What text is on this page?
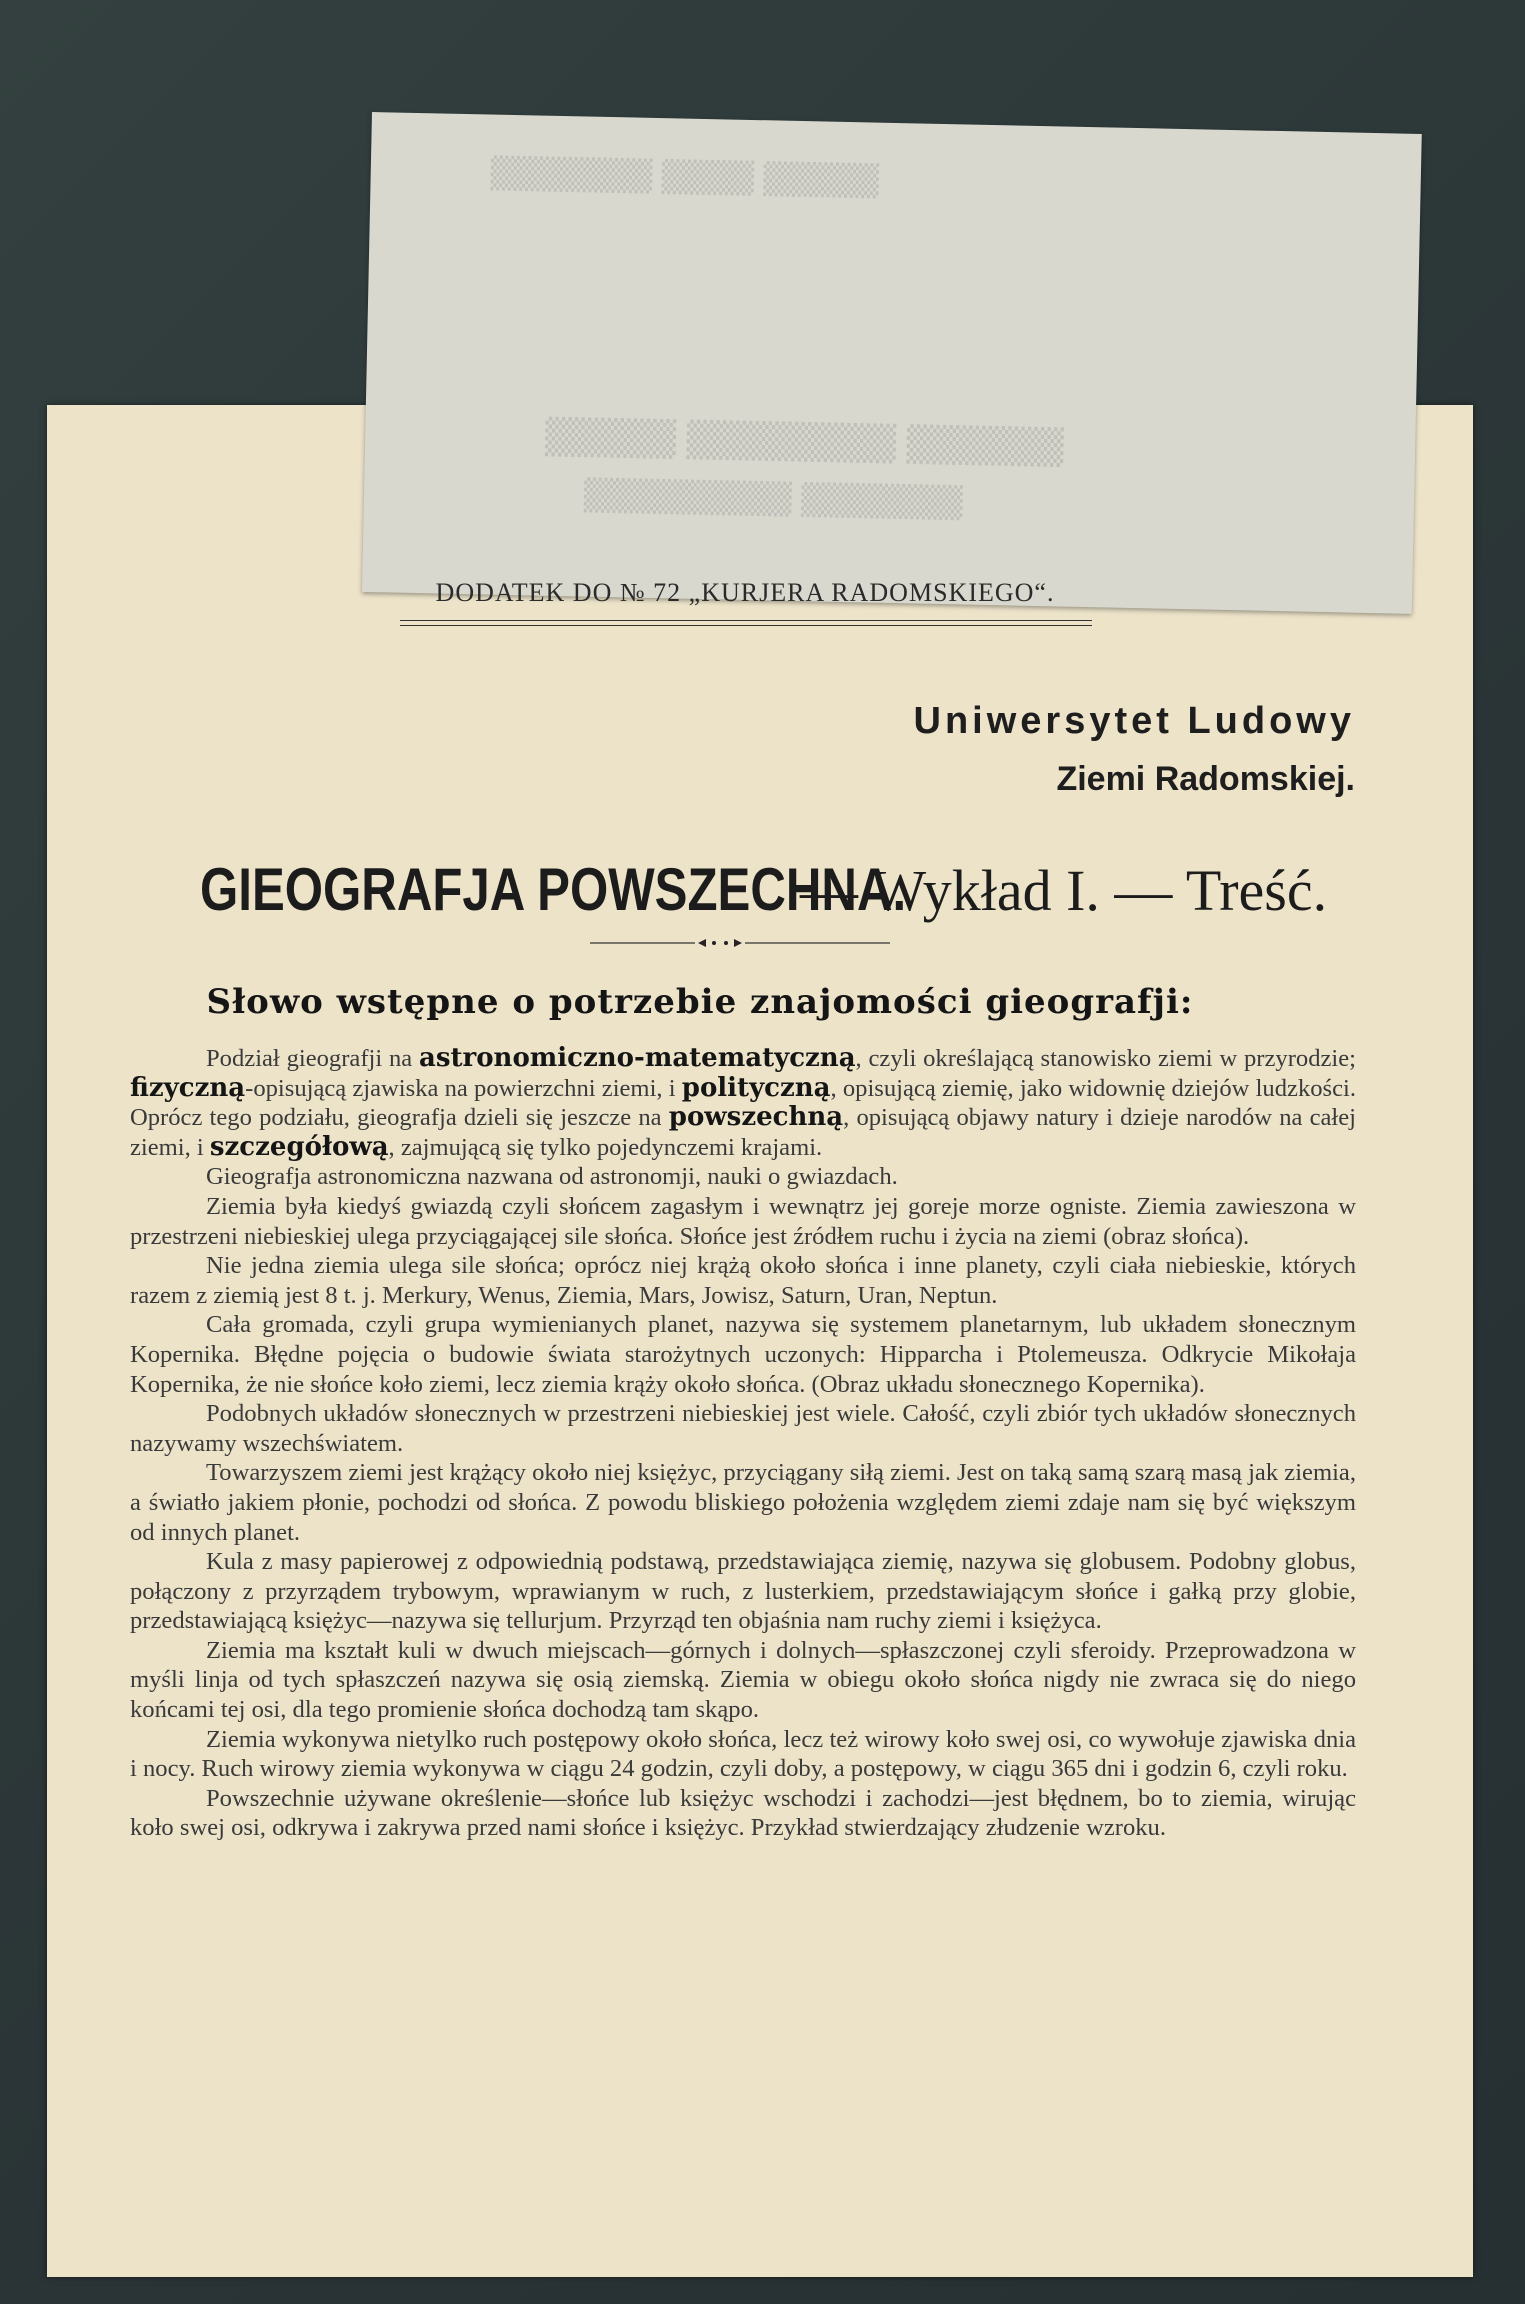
▒▒▒▒▒▒▒ ▒▒▒▒ ▒▒▒▒▒
▒▒▒▒▒ ▒▒▒▒▒▒▒▒ ▒▒▒▒▒▒
▒▒▒▒▒▒▒▒▒ ▒▒▒▒▒▒▒
DODATEK DO № 72 „KURJERA RADOMSKIEGO“.
Uniwersytet Ludowy
Ziemi Radomskiej.
GIEOGRAFJA POWSZECHNA.
— Wykład I. — Treść.
Słowo wstępne o potrzebie znajomości gieografji:

Podział gieografji na astronomiczno-matematyczną, czyli określającą stanowisko ziemi w przyrodzie; fizyczną-opisującą zjawiska na powierzchni ziemi, i polityczną, opisującą ziemię, jako widownię dziejów ludzkości. Oprócz tego podziału, gieografja dzieli się jeszcze na powszechną, opisującą objawy natury i dzieje narodów na całej ziemi, i szczegółową, zajmującą się tylko pojedynczemi krajami.

Gieografja astronomiczna nazwana od astronomji, nauki o gwiazdach.

Ziemia była kiedyś gwiazdą czyli słońcem zagasłym i wewnątrz jej goreje morze ogniste. Ziemia zawieszona w przestrzeni niebieskiej ulega przyciągającej sile słońca. Słońce jest źródłem ruchu i życia na ziemi (obraz słońca).

Nie jedna ziemia ulega sile słońca; oprócz niej krążą około słońca i inne planety, czyli ciała niebieskie, których razem z ziemią jest 8 t. j. Merkury, Wenus, Ziemia, Mars, Jowisz, Saturn, Uran, Neptun.

Cała gromada, czyli grupa wymienianych planet, nazywa się systemem planetarnym, lub układem słonecznym Kopernika. Błędne pojęcia o budowie świata starożytnych uczonych: Hipparcha i Ptolemeusza. Odkrycie Mikołaja Kopernika, że nie słońce koło ziemi, lecz ziemia krąży około słońca. (Obraz układu słonecznego Kopernika).

Podobnych układów słonecznych w przestrzeni niebieskiej jest wiele. Całość, czyli zbiór tych układów słonecznych nazywamy wszechświatem.

Towarzyszem ziemi jest krążący około niej księżyc, przyciągany siłą ziemi. Jest on taką samą szarą masą jak ziemia, a światło jakiem płonie, pochodzi od słońca. Z powodu bliskiego położenia względem ziemi zdaje nam się być większym od innych planet.

Kula z masy papierowej z odpowiednią podstawą, przedstawiająca ziemię, nazywa się globusem. Podobny globus, połączony z przyrządem trybowym, wprawianym w ruch, z lusterkiem, przedstawiającym słońce i gałką przy globie, przedstawiającą księżyc—nazywa się tellurjum. Przyrząd ten objaśnia nam ruchy ziemi i księżyca.

Ziemia ma kształt kuli w dwuch miejscach—górnych i dolnych—spłaszczonej czyli sferoidy. Przeprowadzona w myśli linja od tych spłaszczeń nazywa się osią ziemską. Ziemia w obiegu około słońca nigdy nie zwraca się do niego końcami tej osi, dla tego promienie słońca dochodzą tam skąpo.

Ziemia wykonywa nietylko ruch postępowy około słońca, lecz też wirowy koło swej osi, co wywołuje zjawiska dnia i nocy. Ruch wirowy ziemia wykonywa w ciągu 24 godzin, czyli doby, a postępowy, w ciągu 365 dni i godzin 6, czyli roku.

Powszechnie używane określenie—słońce lub księżyc wschodzi i zachodzi—jest błędnem, bo to ziemia, wirując koło swej osi, odkrywa i zakrywa przed nami słońce i księżyc. Przykład stwierdzający złudzenie wzroku.
